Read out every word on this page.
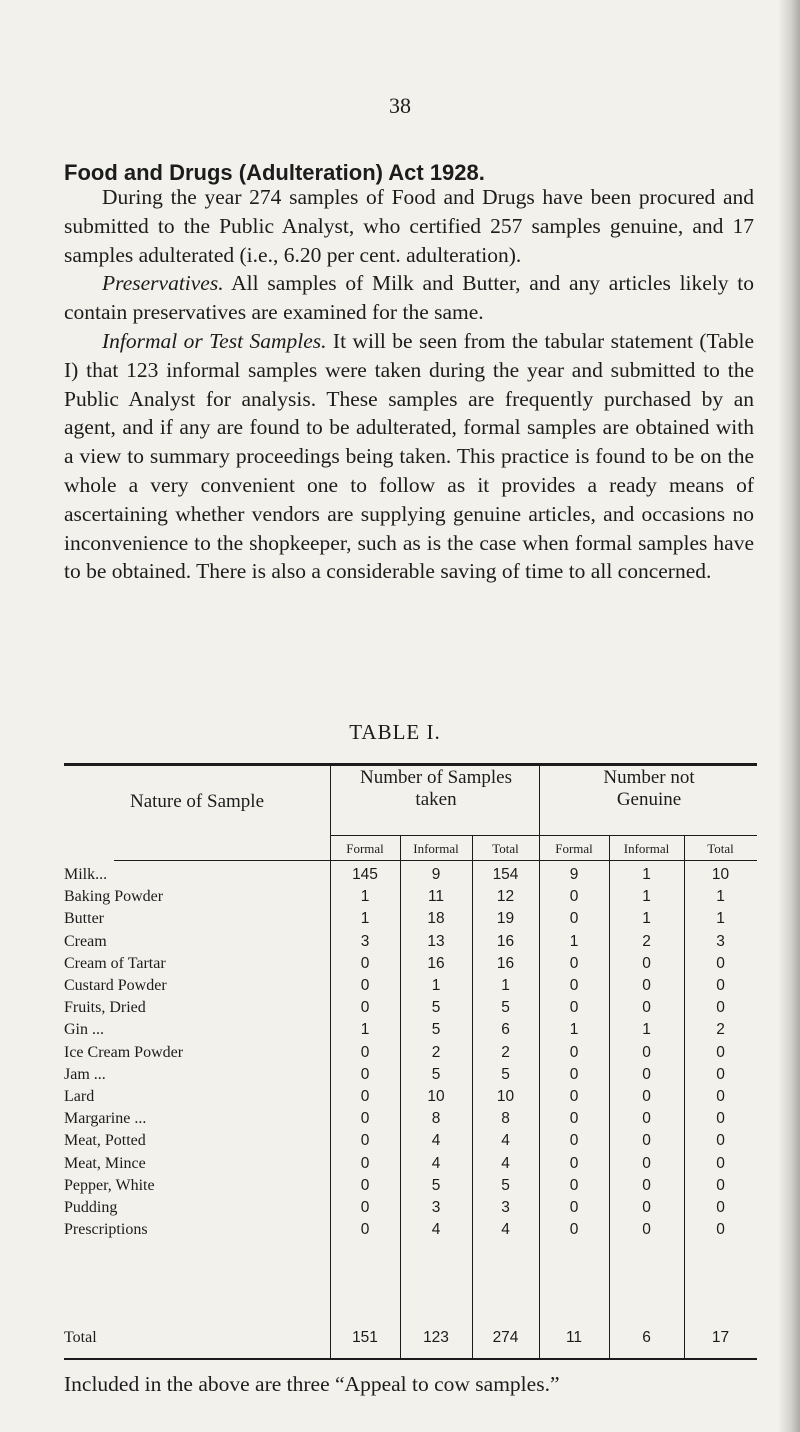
38
Food and Drugs (Adulteration) Act 1928.

During the year 274 samples of Food and Drugs have been procured and submitted to the Public Analyst, who certified 257 samples genuine, and 17 samples adulterated (i.e., 6.20 per cent. adulteration).

Preservatives. All samples of Milk and Butter, and any articles likely to contain preservatives are examined for the same.

Informal or Test Samples. It will be seen from the tabular statement (Table I) that 123 informal samples were taken during the year and submitted to the Public Analyst for analysis. These samples are frequently purchased by an agent, and if any are found to be adulterated, formal samples are obtained with a view to summary proceedings being taken. This practice is found to be on the whole a very convenient one to follow as it provides a ready means of ascertaining whether vendors are supplying genuine articles, and occasions no inconvenience to the shopkeeper, such as is the case when formal samples have to be obtained. There is also a considerable saving of time to all concerned.

TABLE I.
Nature of Sample
Number of Samples taken
Number not Genuine
Formal	Informal	Total	Formal	Informal	Total
Milk...	145	9	154	9	1	10
Baking Powder	1	11	12	0	1	1
Butter	1	18	19	0	1	1
Cream	3	13	16	1	2	3
Cream of Tartar	0	16	16	0	0	0
Custard Powder	0	1	1	0	0	0
Fruits, Dried	0	5	5	0	0	0
Gin ...	1	5	6	1	1	2
Ice Cream Powder	0	2	2	0	0	0
Jam ...	0	5	5	0	0	0
Lard	0	10	10	0	0	0
Margarine ...	0	8	8	0	0	0
Meat, Potted	0	4	4	0	0	0
Meat, Mince	0	4	4	0	0	0
Pepper, White	0	5	5	0	0	0
Pudding	0	3	3	0	0	0
Prescriptions	0	4	4	0	0	0
Total	151	123	274	11	6	17
Included in the above are three “Appeal to cow samples.”
